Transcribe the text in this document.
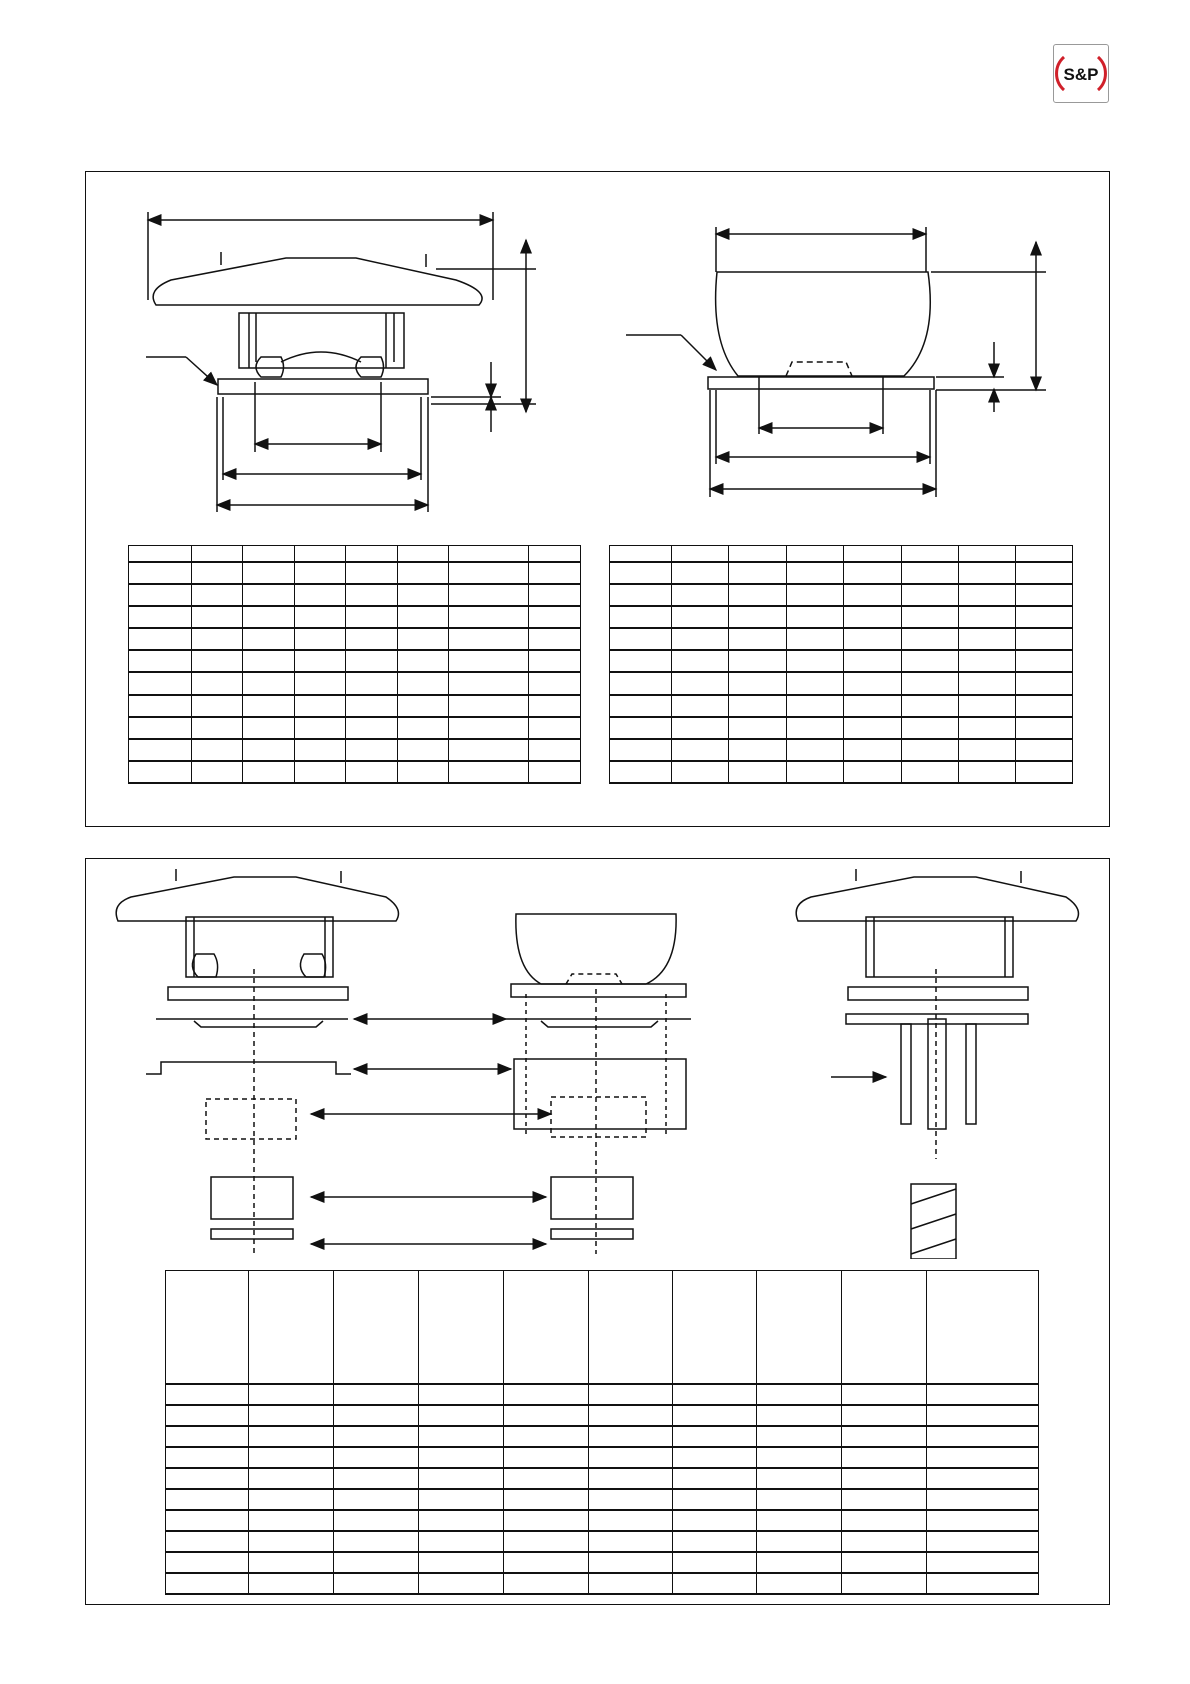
S&P
